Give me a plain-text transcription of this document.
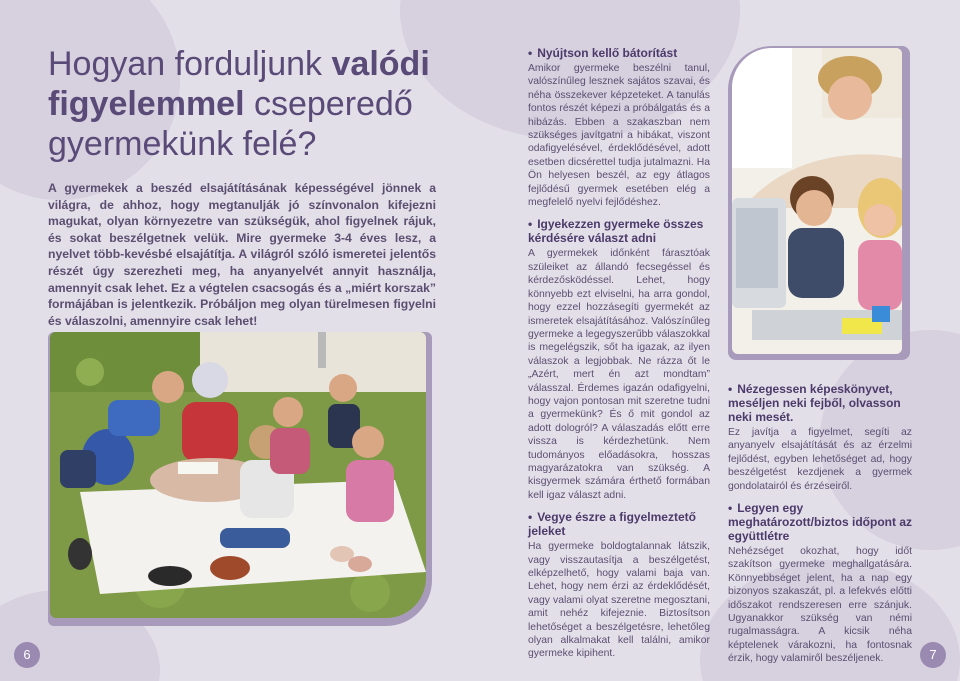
Hogyan forduljunk valódi
figyelemmel cseperedő gyermekünk felé?

A gyermekek a beszéd elsajátításának képességével jönnek a világra, de ahhoz, hogy megtanulják jó színvonalon kifejezni magukat, olyan környezetre van szükségük, ahol figyelnek rájuk, és sokat beszélgetnek velük. Mire gyermeke 3-4 éves lesz, a nyelvet több-kevésbé elsajátítja. A világról szóló ismeretei jelentős részét úgy szerezheti meg, ha anyanyelvét annyit használja, amennyit csak lehet. Ez a végtelen csacsogás és a „miért korszak” formájában is jelentkezik. Próbáljon meg olyan türelmesen figyelni és válaszolni, amennyire csak lehet!

6
• Nyújtson kellő bátorítást

Amikor gyermeke beszélni tanul, valószínűleg lesznek sajátos szavai, és néha összekever képzeteket. A tanulás fontos részét képezi a próbálgatás és a hibázás. Ebben a szakaszban nem szükséges javítgatni a hibákat, viszont odafigyelésével, érdeklődésével, adott esetben dicsérettel tudja jutalmazni. Ha Ön helyesen beszél, az egy átlagos fejlődésű gyermek esetében elég a megfelelő nyelvi fejlődéshez.

• Igyekezzen gyermeke összes kérdésére választ adni

A gyermekek időnként fárasztóak szüleiket az állandó fecsegéssel és kérdezősködéssel. Lehet, hogy könnyebb ezt elviselni, ha arra gondol, hogy ezzel hozzásegíti gyermekét az ismeretek elsajátításához. Valószínűleg gyermeke a legegyszerűbb válaszokkal is megelégszik, sőt ha igazak, az ilyen válaszok a legjobbak. Ne rázza őt le „Azért, mert én azt mondtam” válasszal. Érdemes igazán odafigyelni, hogy vajon pontosan mit szeretne tudni a gyermekünk? És ő mit gondol az adott dologról? A válaszadás előtt erre vissza is kérdezhetünk. Nem tudományos előadásokra, hosszas magyarázatokra van szükség. A kisgyermek számára érthető formában kell igaz választ adni.

• Vegye észre a figyelmeztető jeleket

Ha gyermeke boldogtalannak látszik, vagy visszautasítja a beszélgetést, elképzelhető, hogy valami baja van. Lehet, hogy nem érzi az érdeklődését, vagy valami olyat szeretne megosztani, amit nehéz kifejeznie. Biztosítson lehetőséget a beszélgetésre, lehetőleg olyan alkalmakat kell találni, amikor gyermeke kipihent.

• Nézegessen képeskönyvet, meséljen neki fejből, olvasson neki mesét.

Ez javítja a figyelmet, segíti az anyanyelv elsajátítását és az érzelmi fejlődést, egyben lehetőséget ad, hogy beszélgetést kezdjenek a gyermek gondolatairól és érzéseiről.

• Legyen egy meghatározott/biztos időpont az együttlétre

Nehézséget okozhat, hogy időt szakítson gyermeke meghallgatására. Könnyebbséget jelent, ha a nap egy bizonyos szakaszát, pl. a lefekvés előtti időszakot rendszeresen erre szánjuk. Ugyanakkor szükség van némi rugalmasságra. A kicsik néha képtelenek várakozni, ha fontosnak érzik, hogy valamiről beszéljenek.	7
